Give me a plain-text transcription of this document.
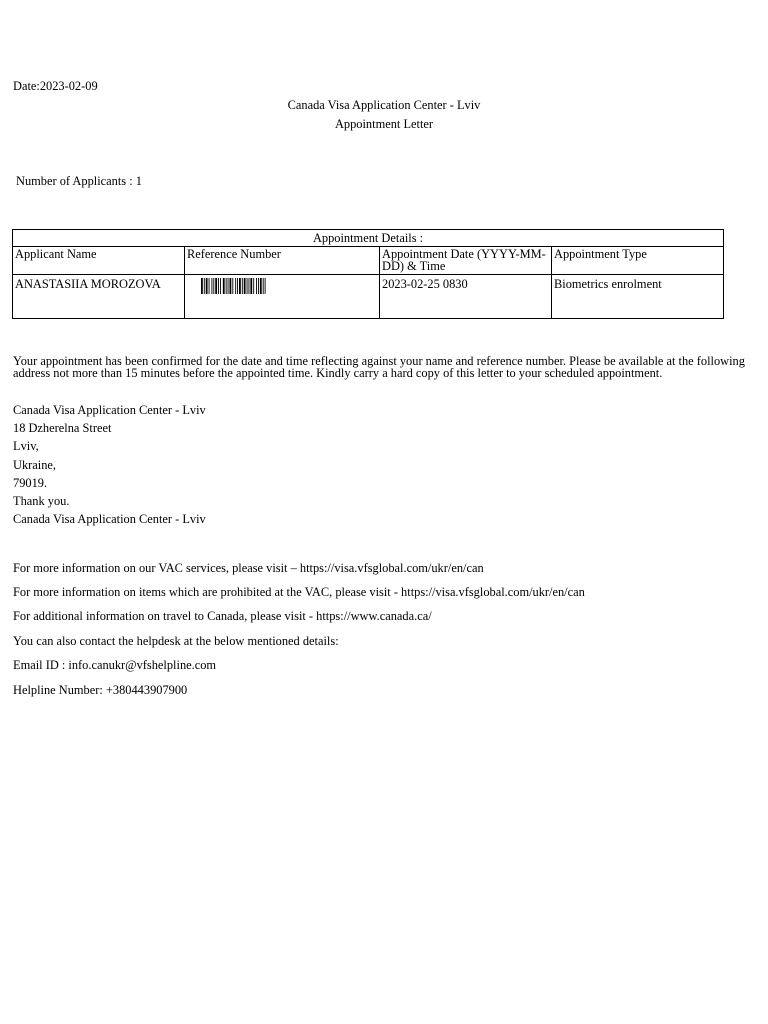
Date:2023-02-09
Canada Visa Application Center - Lviv
Appointment Letter
Number of Applicants : 1
Appointment Details :			
Applicant Name	Reference Number	Appointment Date (YYYY-MM-DD) & Time	Appointment Type
ANASTASIIA MOROZOVA		2023-02-25 0830	Biometrics enrolment
Your appointment has been confirmed for the date and time reflecting against your name and reference number. Please be available at the following address not more than 15 minutes before the appointed time. Kindly carry a hard copy of this letter to your scheduled appointment.
Canada Visa Application Center - Lviv
18 Dzherelna Street
Lviv,
Ukraine,
79019.
Thank you.
Canada Visa Application Center - Lviv
For more information on our VAC services, please visit – https://visa.vfsglobal.com/ukr/en/can
For more information on items which are prohibited at the VAC, please visit - https://visa.vfsglobal.com/ukr/en/can
For additional information on travel to Canada, please visit - https://www.canada.ca/
You can also contact the helpdesk at the below mentioned details:
Email ID : info.canukr@vfshelpline.com
Helpline Number: +380443907900
